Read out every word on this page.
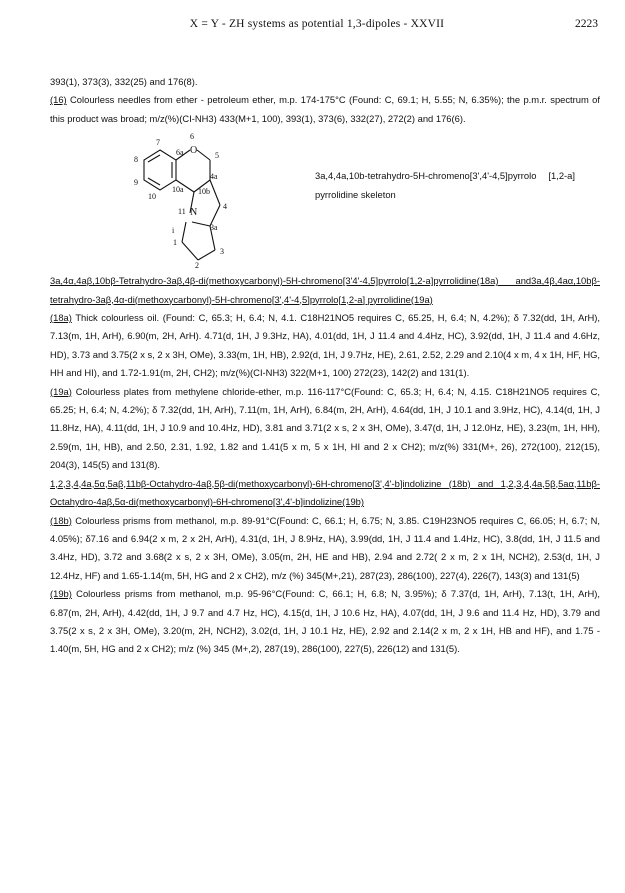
X = Y - ZH systems as potential 1,3-dipoles - XXVII	2223

393(1), 373(3), 332(25) and 176(8).

(16) Colourless needles from ether - petroleum ether, m.p. 174-175°C (Found: C, 69.1; H, 5.55; N, 6.35%); the p.m.r. spectrum of this product was broad; m/z(%)(CI-NH3) 433(M+1, 100), 393(1), 373(6), 332(27), 272(2) and 176(6).

6
O
6a
7
8
9
10
10a
5
4a
10b
4
11 N
3a
i
1
3
2
3a,4,4a,10b-tetrahydro-5H-chromeno[3',4'-4,5]pyrrolo [1,2-a] pyrrolidine skeleton

3a,4α,4aβ,10bβ-Tetrahydro-3aβ,4β-di(methoxycarbonyl)-5H-chromeno[3'4'-4,5]pyrrolo[1,2-a]pyrrolidine(18a) and3a,4β,4aα,10bβ-tetrahydro-3aβ,4α-di(methoxycarbonyl)-5H-chromeno[3',4'-4,5]pyrrolo[1,2-a] pyrrolidine(19a)

(18a) Thick colourless oil. (Found: C, 65.3; H, 6.4; N, 4.1. C18H21NO5 requires C, 65.25, H, 6.4; N, 4.2%); δ 7.32(dd, 1H, ArH), 7.13(m, 1H, ArH), 6.90(m, 2H, ArH). 4.71(d, 1H, J 9.3Hz, HA), 4.01(dd, 1H, J 11.4 and 4.4Hz, HC), 3.92(dd, 1H, J 11.4 and 4.6Hz, HD), 3.73 and 3.75(2 x s, 2 x 3H, OMe), 3.33(m, 1H, HB), 2.92(d, 1H, J 9.7Hz, HE), 2.61, 2.52, 2.29 and 2.10(4 x m, 4 x 1H, HF, HG, HH and HI), and 1.72-1.91(m, 2H, CH2); m/z(%)(CI-NH3) 322(M+1, 100) 272(23), 142(2) and 131(1).

(19a) Colourless plates from methylene chloride-ether, m.p. 116-117°C(Found: C, 65.3; H, 6.4; N, 4.15. C18H21NO5 requires C, 65.25; H, 6.4; N, 4.2%); δ 7.32(dd, 1H, ArH), 7.11(m, 1H, ArH), 6.84(m, 2H, ArH), 4.64(dd, 1H, J 10.1 and 3.9Hz, HC), 4.14(d, 1H, J 11.8Hz, HA), 4.11(dd, 1H, J 10.9 and 10.4Hz, HD), 3.81 and 3.71(2 x s, 2 x 3H, OMe), 3.47(d, 1H, J 12.0Hz, HE), 3.23(m, 1H, HH), 2.59(m, 1H, HB), and 2.50, 2.31, 1.92, 1.82 and 1.41(5 x m, 5 x 1H, HI and 2 x CH2); m/z(%) 331(M+, 26), 272(100), 212(15), 204(3), 145(5) and 131(8).

1,2,3,4,4a,5α,5aβ,11bβ-Octahydro-4aβ,5β-di(methoxycarbonyl)-6H-chromeno[3',4'-b]indolizine (18b) and 1,2,3,4,4a,5β,5aα,11bβ-Octahydro-4aβ,5α-di(methoxycarbonyl)-6H-chromeno[3',4'-b]indolizine(19b)

(18b) Colourless prisms from methanol, m.p. 89-91°C(Found: C, 66.1; H, 6.75; N, 3.85. C19H23NO5 requires C, 66.05; H, 6.7; N, 4.05%); δ7.16 and 6.94(2 x m, 2 x 2H, ArH), 4.31(d, 1H, J 8.9Hz, HA), 3.99(dd, 1H, J 11.4 and 1.4Hz, HC), 3.8(dd, 1H, J 11.5 and 3.4Hz, HD), 3.72 and 3.68(2 x s, 2 x 3H, OMe), 3.05(m, 2H, HE and HB), 2.94 and 2.72( 2 x m, 2 x 1H, NCH2), 2.53(d, 1H, J 12.4Hz, HF) and 1.65-1.14(m, 5H, HG and 2 x CH2), m/z (%) 345(M+,21), 287(23), 286(100), 227(4), 226(7), 143(3) and 131(5)

(19b) Colourless prisms from methanol, m.p. 95-96°C(Found: C, 66.1; H, 6.8; N, 3.95%); δ 7.37(d, 1H, ArH), 7.13(t, 1H, ArH), 6.87(m, 2H, ArH), 4.42(dd, 1H, J 9.7 and 4.7 Hz, HC), 4.15(d, 1H, J 10.6 Hz, HA), 4.07(dd, 1H, J 9.6 and 11.4 Hz, HD), 3.79 and 3.75(2 x s, 2 x 3H, OMe), 3.20(m, 2H, NCH2), 3.02(d, 1H, J 10.1 Hz, HE), 2.92 and 2.14(2 x m, 2 x 1H, HB and HF), and 1.75 - 1.40(m, 5H, HG and 2 x CH2); m/z (%) 345 (M+,2), 287(19), 286(100), 227(5), 226(12) and 131(5).
